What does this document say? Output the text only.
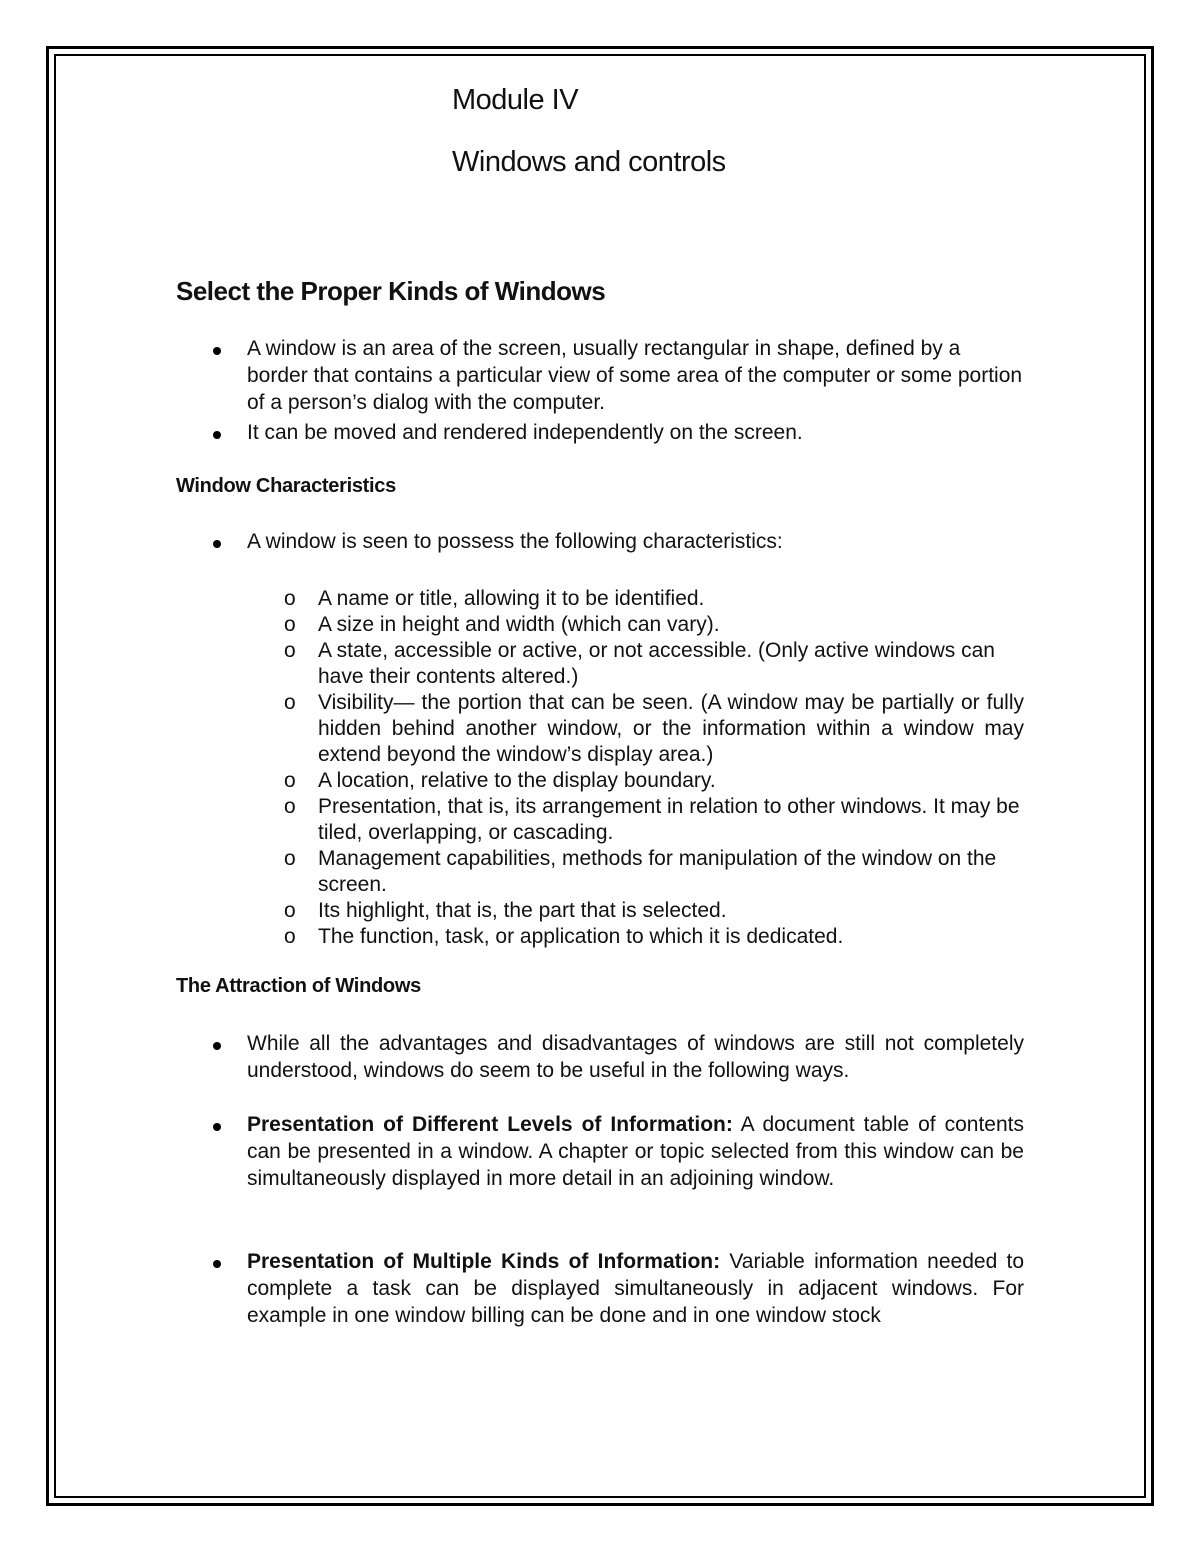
Module IV
Windows and controls
Select the Proper Kinds of Windows
A window is an area of the screen, usually rectangular in shape, defined by a border that contains a particular view of some area of the computer or some portion of a person’s dialog with the computer.
It can be moved and rendered independently on the screen.
Window Characteristics
A window is seen to possess the following characteristics:
o A name or title, allowing it to be identified.
o A size in height and width (which can vary).
o A state, accessible or active, or not accessible. (Only active windows can have their contents altered.)
o Visibility— the portion that can be seen. (A window may be partially or fully hidden behind another window, or the information within a window may extend beyond the window’s display area.)
o A location, relative to the display boundary.
o Presentation, that is, its arrangement in relation to other windows. It may be tiled, overlapping, or cascading.
o Management capabilities, methods for manipulation of the window on the screen.
o Its highlight, that is, the part that is selected.
o The function, task, or application to which it is dedicated.
The Attraction of Windows
While all the advantages and disadvantages of windows are still not completely understood, windows do seem to be useful in the following ways.
Presentation of Different Levels of Information: A document table of contents can be presented in a window. A chapter or topic selected from this window can be simultaneously displayed in more detail in an adjoining window.
Presentation of Multiple Kinds of Information: Variable information needed to complete a task can be displayed simultaneously in adjacent windows. For example in one window billing can be done and in one window stock
